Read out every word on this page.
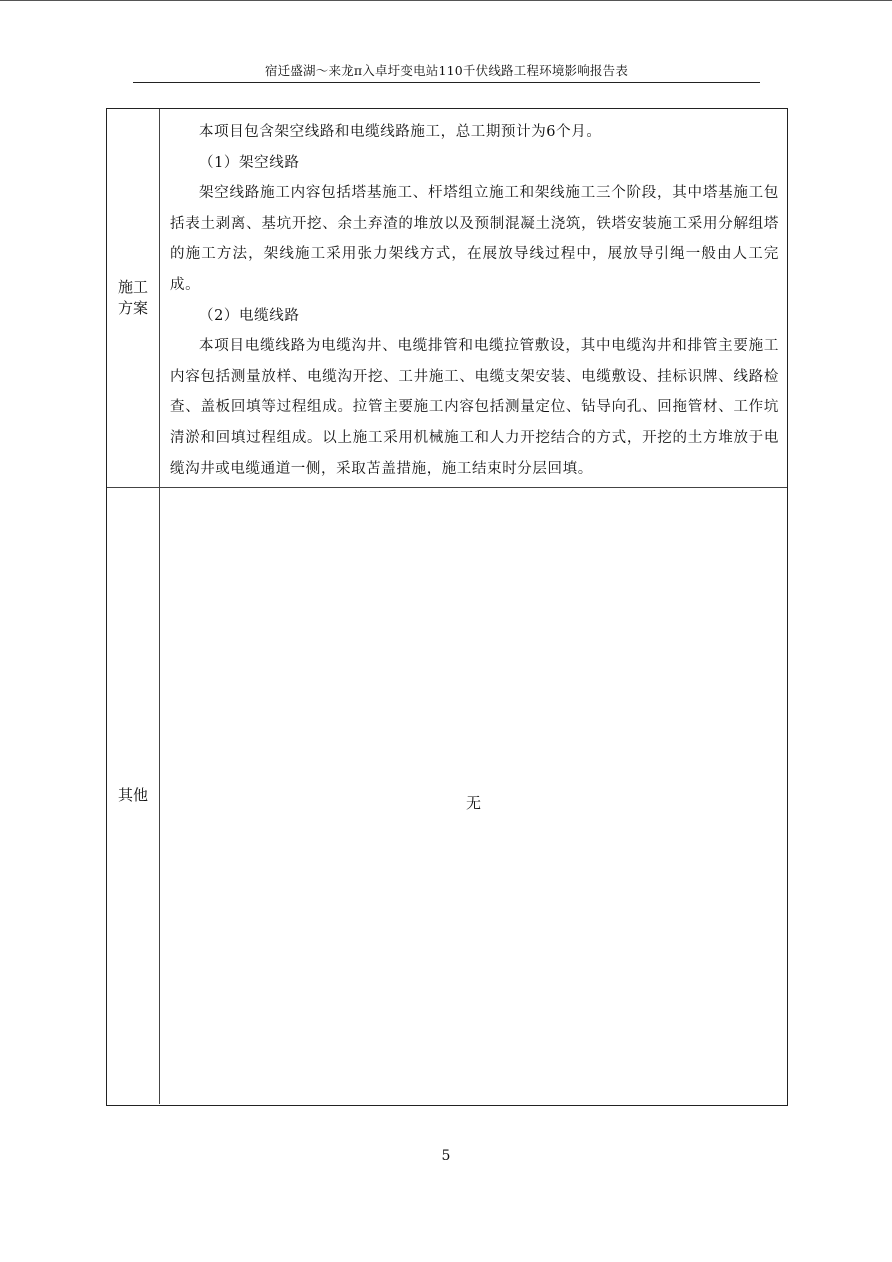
宿迁盛湖～来龙π入卓圩变电站110千伏线路工程环境影响报告表
施工
方案

本项目包含架空线路和电缆线路施工，总工期预计为6个月。

（1）架空线路

架空线路施工内容包括塔基施工、杆塔组立施工和架线施工三个阶段，其中塔基施工包括表土剥离、基坑开挖、余土弃渣的堆放以及预制混凝土浇筑，铁塔安装施工采用分解组塔的施工方法，架线施工采用张力架线方式，在展放导线过程中，展放导引绳一般由人工完成。

（2）电缆线路

本项目电缆线路为电缆沟井、电缆排管和电缆拉管敷设，其中电缆沟井和排管主要施工内容包括测量放样、电缆沟开挖、工井施工、电缆支架安装、电缆敷设、挂标识牌、线路检查、盖板回填等过程组成。拉管主要施工内容包括测量定位、钻导向孔、回拖管材、工作坑清淤和回填过程组成。以上施工采用机械施工和人力开挖结合的方式，开挖的土方堆放于电缆沟井或电缆通道一侧，采取苫盖措施，施工结束时分层回填。

其他	无
5
